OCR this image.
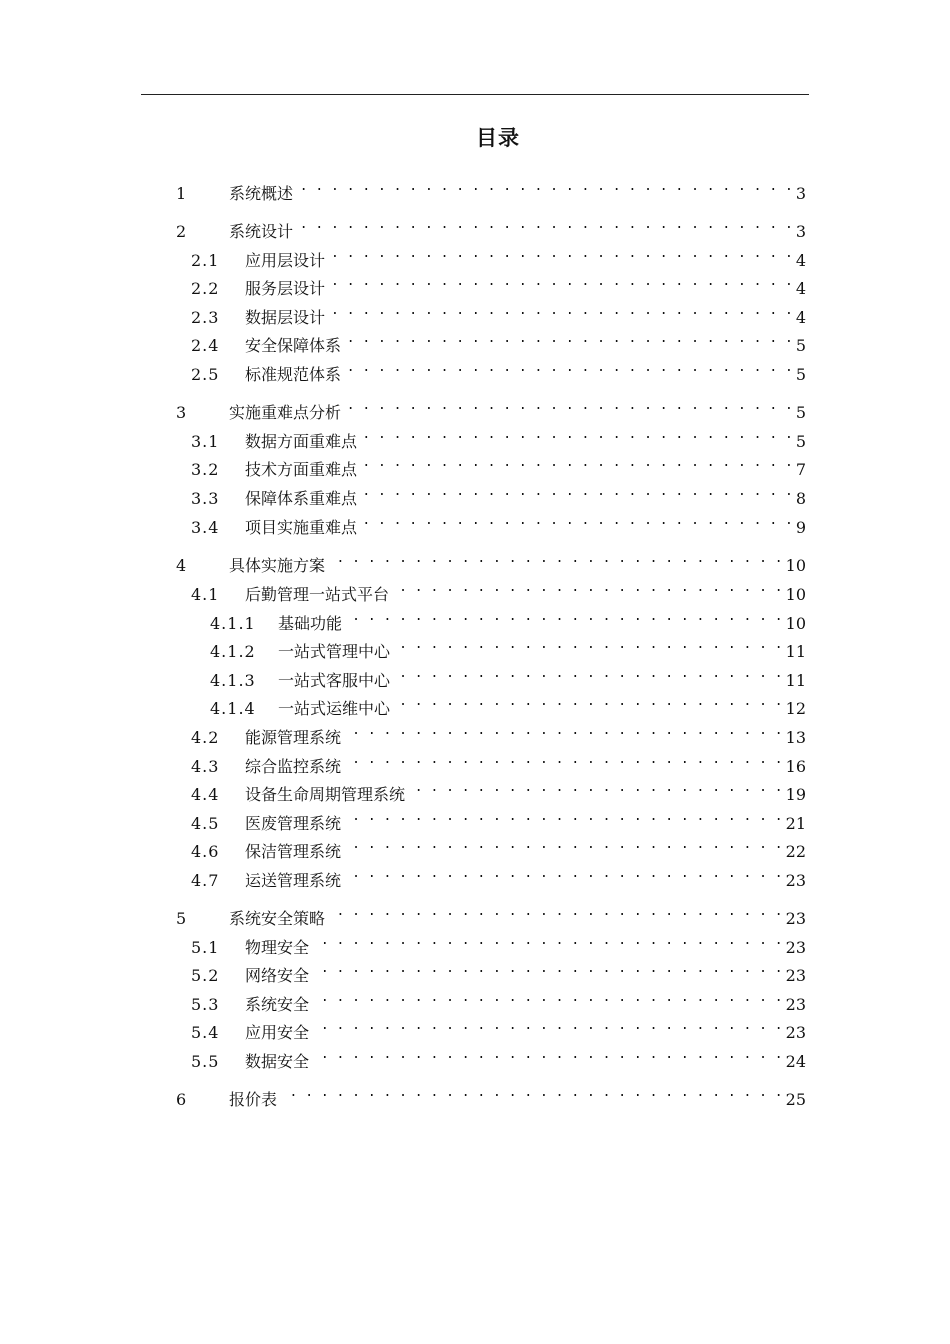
目录
1	系统概述 . . .	3
2	系统设计 . . .	3
2.1	应用层设计 . . .	4
2.2	服务层设计 . . .	4
2.3	数据层设计 . . .	4
2.4	安全保障体系 . . .	5
2.5	标准规范体系 . . .	5
3	实施重难点分析 . . .	5
3.1	数据方面重难点 . . .	5
3.2	技术方面重难点 . . .	7
3.3	保障体系重难点 . . .	8
3.4	项目实施重难点 . . .	9
4	具体实施方案 . . .	10
4.1	后勤管理一站式平台 . . .	10
4.1.1	基础功能 . . .	10
4.1.2	一站式管理中心 . . .	11
4.1.3	一站式客服中心 . . .	11
4.1.4	一站式运维中心 . . .	12
4.2	能源管理系统 . . .	13
4.3	综合监控系统 . . .	16
4.4	设备生命周期管理系统 . . .	19
4.5	医废管理系统 . . .	21
4.6	保洁管理系统 . . .	22
4.7	运送管理系统 . . .	23
5	系统安全策略 . . .	23
5.1	物理安全 . . .	23
5.2	网络安全 . . .	23
5.3	系统安全 . . .	23
5.4	应用安全 . . .	23
5.5	数据安全 . . .	24
6	报价表 . . .	25
